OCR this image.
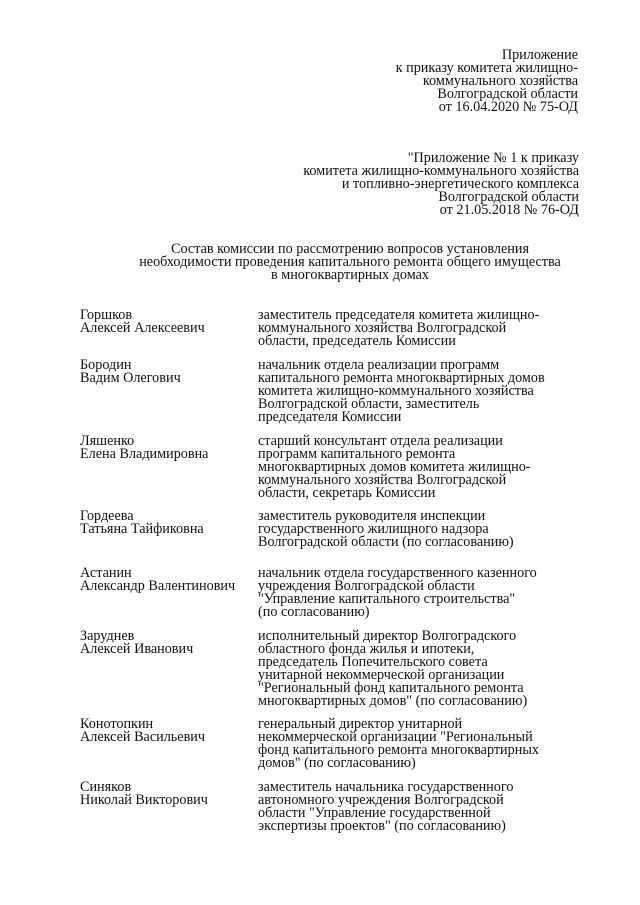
Приложение
к приказу комитета жилищно-
коммунального хозяйства
Волгоградской области
от 16.04.2020 № 75-ОД
"Приложение № 1 к приказу
комитета жилищно-коммунального хозяйства
и топливно-энергетического комплекса
Волгоградской области
от 21.05.2018 № 76-ОД
Состав комиссии по рассмотрению вопросов установления
необходимости проведения капитального ремонта общего имущества
в многоквартирных домах
Горшков
Алексей Алексеевич
заместитель председателя комитета жилищно-
коммунального хозяйства Волгоградской
области, председатель Комиссии
Бородин
Вадим Олегович
начальник отдела реализации программ
капитального ремонта многоквартирных домов
комитета жилищно-коммунального хозяйства
Волгоградской области, заместитель
председателя Комиссии
Ляшенко
Елена Владимировна
старший консультант отдела реализации
программ капитального ремонта
многоквартирных домов комитета жилищно-
коммунального хозяйства Волгоградской
области, секретарь Комиссии
Гордеева
Татьяна Тайфиковна
заместитель руководителя инспекции
государственного жилищного надзора
Волгоградской области (по согласованию)
Астанин
Александр Валентинович
начальник отдела государственного казенного
учреждения Волгоградской области
"Управление капитального строительства"
(по согласованию)
Заруднев
Алексей Иванович
исполнительный директор Волгоградского
областного фонда жилья и ипотеки,
председатель Попечительского совета
унитарной некоммерческой организации
"Региональный фонд капитального ремонта
многоквартирных домов" (по согласованию)
Конотопкин
Алексей Васильевич
генеральный директор унитарной
некоммерческой организации "Региональный
фонд капитального ремонта многоквартирных
домов" (по согласованию)
Синяков
Николай Викторович
заместитель начальника государственного
автономного учреждения Волгоградской
области "Управление государственной
экспертизы проектов" (по согласованию)
